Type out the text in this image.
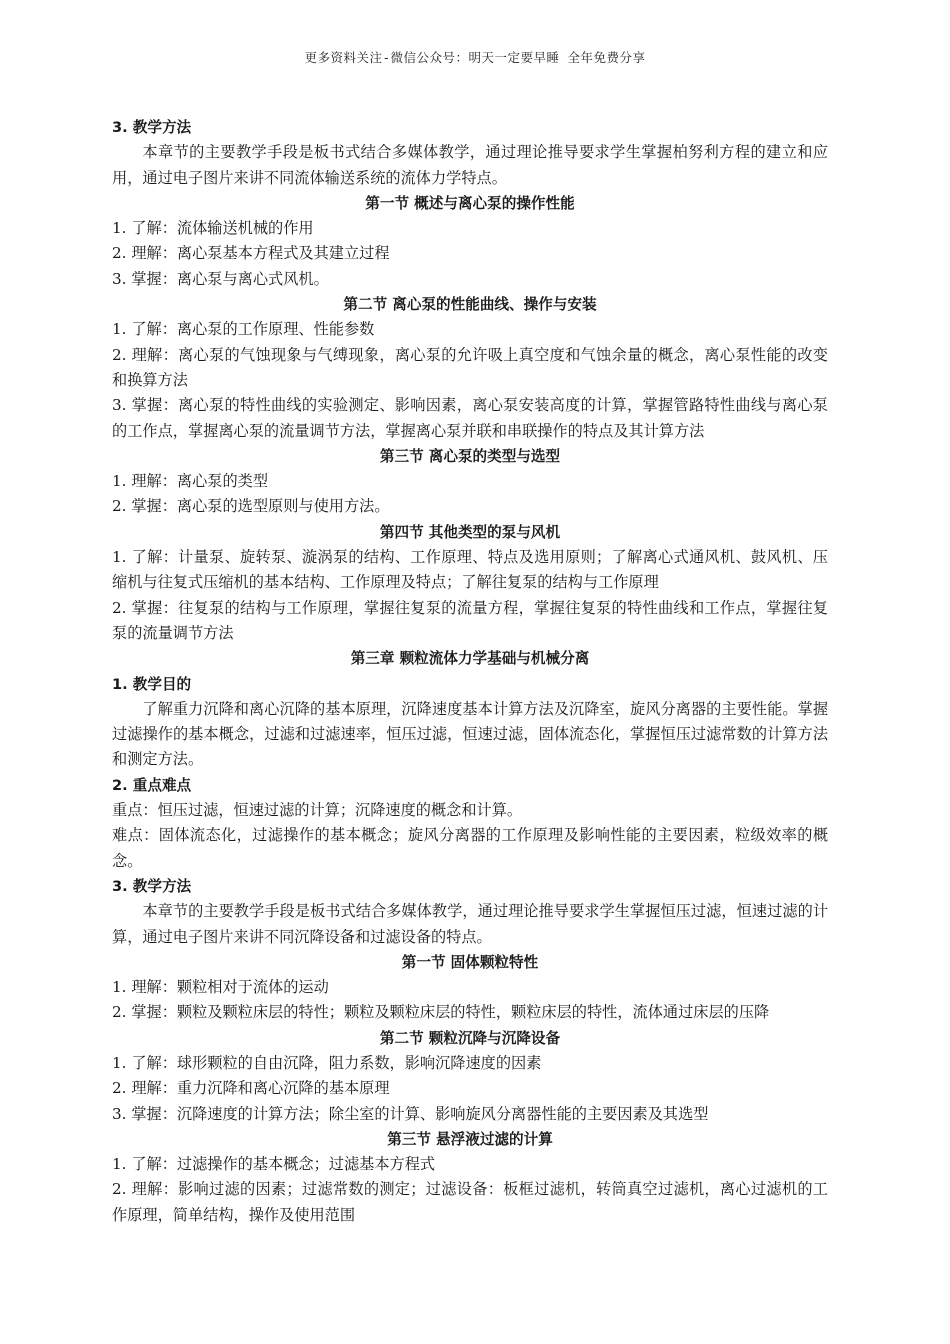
更多资料关注-微信公众号：明天一定要早睡 全年免费分享
3. 教学方法
本章节的主要教学手段是板书式结合多媒体教学，通过理论推导要求学生掌握柏努利方程的建立和应用，通过电子图片来讲不同流体输送系统的流体力学特点。
第一节 概述与离心泵的操作性能
1. 了解：流体输送机械的作用
2. 理解：离心泵基本方程式及其建立过程
3. 掌握：离心泵与离心式风机。
第二节 离心泵的性能曲线、操作与安装
1. 了解：离心泵的工作原理、性能参数
2. 理解：离心泵的气蚀现象与气缚现象，离心泵的允许吸上真空度和气蚀余量的概念，离心泵性能的改变和换算方法
3. 掌握：离心泵的特性曲线的实验测定、影响因素，离心泵安装高度的计算，掌握管路特性曲线与离心泵的工作点，掌握离心泵的流量调节方法，掌握离心泵并联和串联操作的特点及其计算方法
第三节 离心泵的类型与选型
1. 理解：离心泵的类型
2. 掌握：离心泵的选型原则与使用方法。
第四节 其他类型的泵与风机
1. 了解：计量泵、旋转泵、漩涡泵的结构、工作原理、特点及选用原则；了解离心式通风机、鼓风机、压缩机与往复式压缩机的基本结构、工作原理及特点；了解往复泵的结构与工作原理
2. 掌握：往复泵的结构与工作原理，掌握往复泵的流量方程，掌握往复泵的特性曲线和工作点，掌握往复泵的流量调节方法
第三章 颗粒流体力学基础与机械分离
1. 教学目的
了解重力沉降和离心沉降的基本原理，沉降速度基本计算方法及沉降室，旋风分离器的主要性能。掌握过滤操作的基本概念，过滤和过滤速率，恒压过滤，恒速过滤，固体流态化，掌握恒压过滤常数的计算方法和测定方法。
2. 重点难点
重点：恒压过滤，恒速过滤的计算；沉降速度的概念和计算。
难点：固体流态化，过滤操作的基本概念；旋风分离器的工作原理及影响性能的主要因素，粒级效率的概念。
3. 教学方法
本章节的主要教学手段是板书式结合多媒体教学，通过理论推导要求学生掌握恒压过滤，恒速过滤的计算，通过电子图片来讲不同沉降设备和过滤设备的特点。
第一节 固体颗粒特性
1. 理解：颗粒相对于流体的运动
2. 掌握：颗粒及颗粒床层的特性；颗粒及颗粒床层的特性，颗粒床层的特性，流体通过床层的压降
第二节 颗粒沉降与沉降设备
1. 了解：球形颗粒的自由沉降，阻力系数，影响沉降速度的因素
2. 理解：重力沉降和离心沉降的基本原理
3. 掌握：沉降速度的计算方法；除尘室的计算、影响旋风分离器性能的主要因素及其选型
第三节 悬浮液过滤的计算
1. 了解：过滤操作的基本概念；过滤基本方程式
2. 理解：影响过滤的因素；过滤常数的测定；过滤设备：板框过滤机，转筒真空过滤机，离心过滤机的工作原理，简单结构，操作及使用范围
